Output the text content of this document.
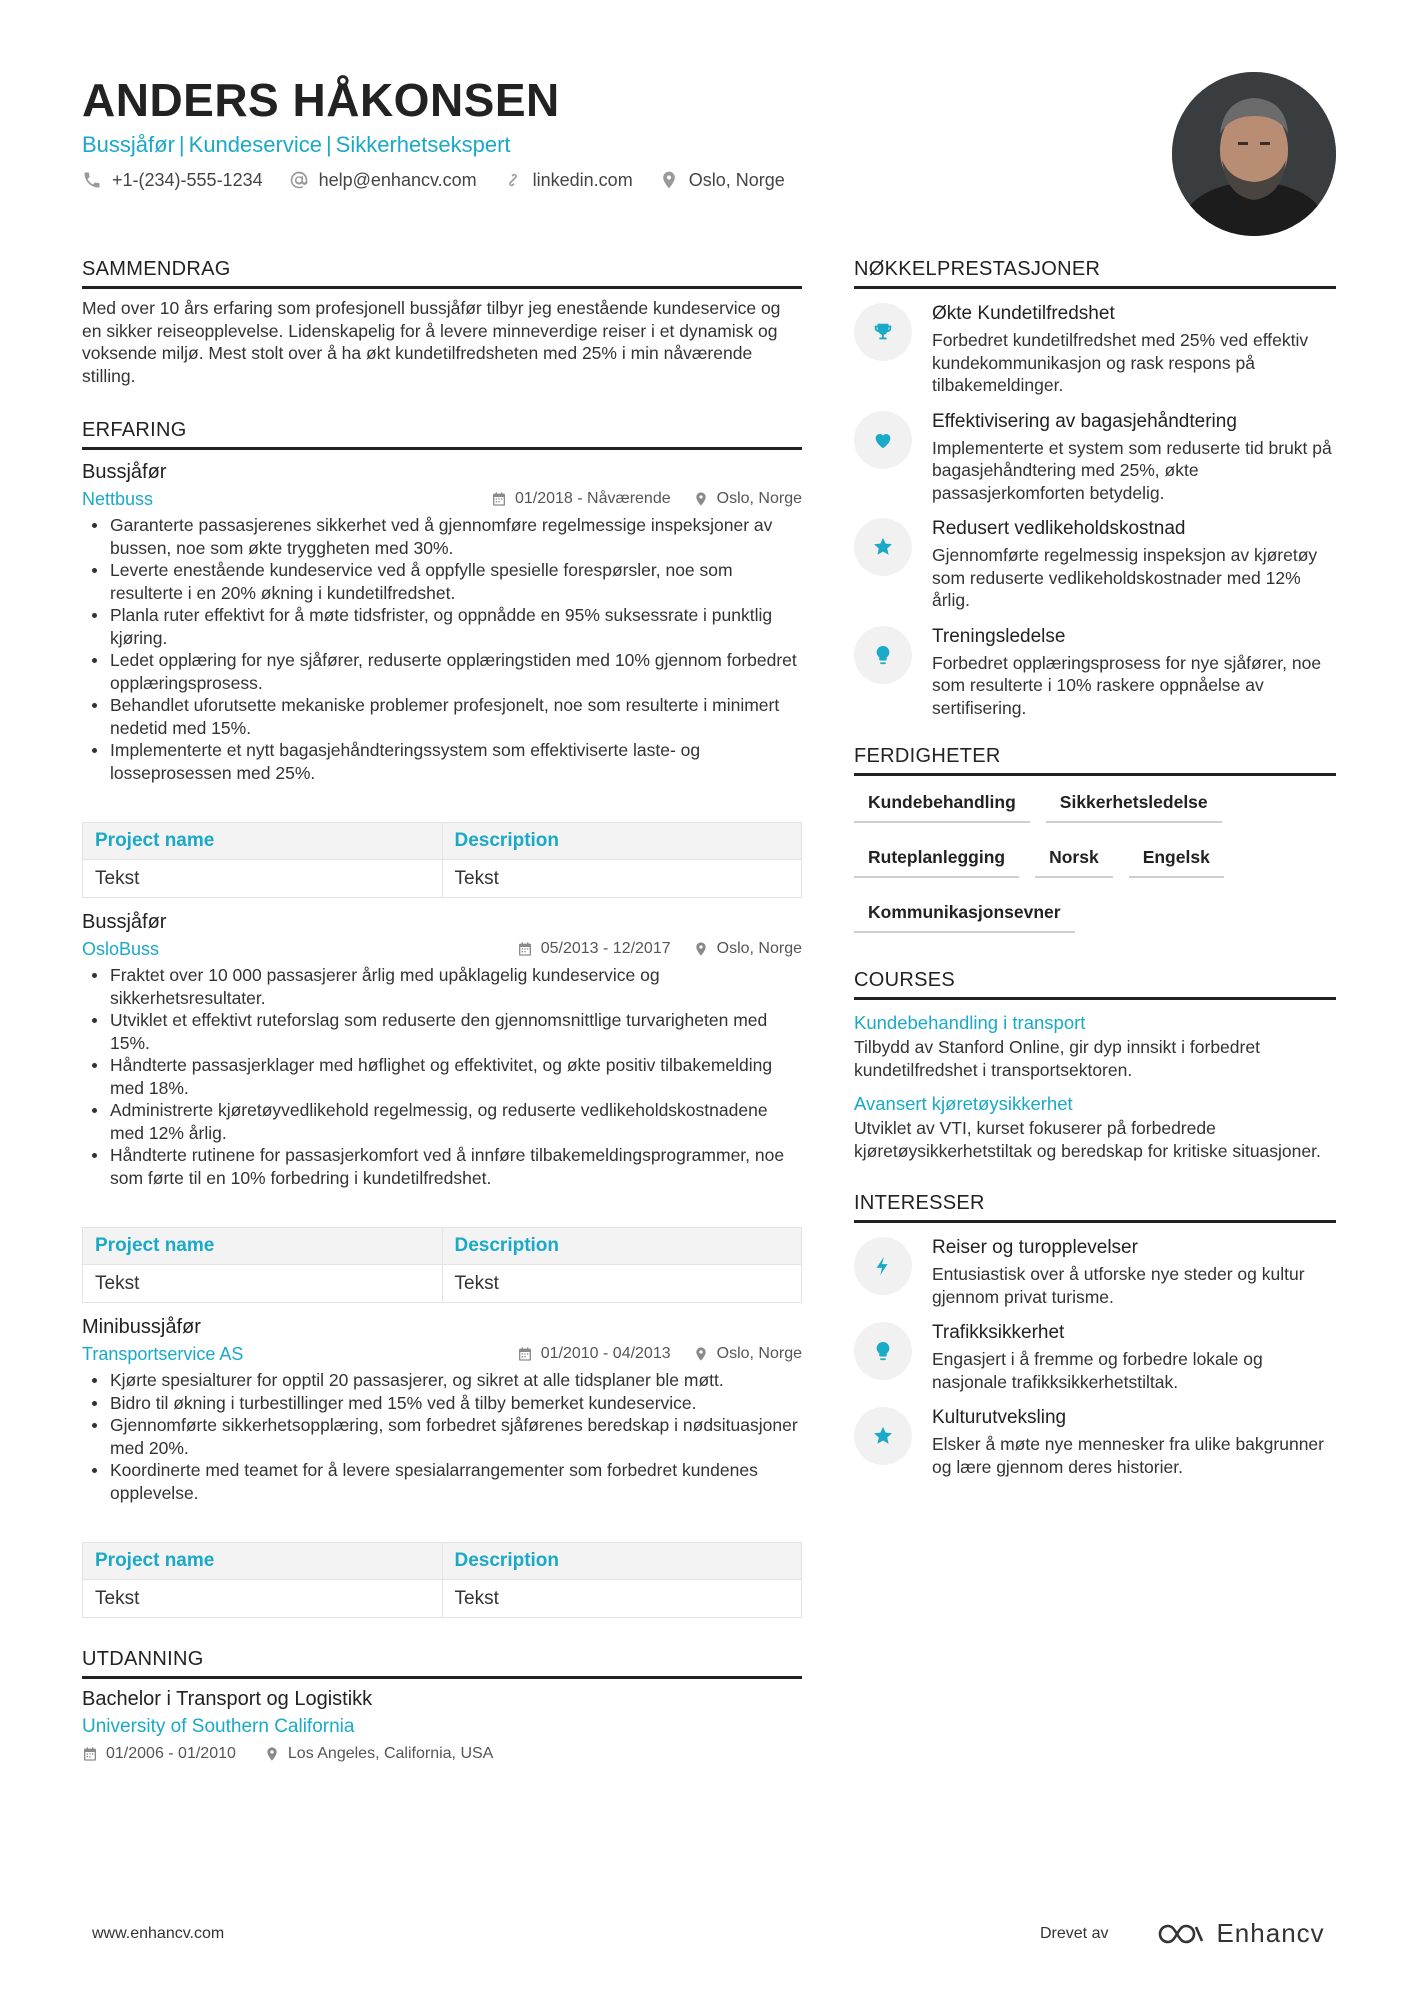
ANDERS HÅKONSEN
Bussjåfør | Kundeservice | Sikkerhetsekspert
+1-(234)-555-1234	help@enhancv.com	linkedin.com	Oslo, Norge
SAMMENDRAG
Med over 10 års erfaring som profesjonell bussjåfør tilbyr jeg enestående kundeservice og en sikker reiseopplevelse. Lidenskapelig for å levere minneverdige reiser i et dynamisk og voksende miljø. Mest stolt over å ha økt kundetilfredsheten med 25% i min nåværende stilling.
ERFARING
Bussjåfør
Nettbuss	01/2018 - Nåværende	Oslo, Norge
Garanterte passasjerenes sikkerhet ved å gjennomføre regelmessige inspeksjoner av bussen, noe som økte tryggheten med 30%.
Leverte enestående kundeservice ved å oppfylle spesielle forespørsler, noe som resulterte i en 20% økning i kundetilfredshet.
Planla ruter effektivt for å møte tidsfrister, og oppnådde en 95% suksessrate i punktlig kjøring.
Ledet opplæring for nye sjåfører, reduserte opplæringstiden med 10% gjennom forbedret opplæringsprosess.
Behandlet uforutsette mekaniske problemer profesjonelt, noe som resulterte i minimert nedetid med 15%.
Implementerte et nytt bagasjehåndteringssystem som effektiviserte laste- og losseprosessen med 25%.
Project name	Description
Tekst	Tekst
Bussjåfør
OsloBuss	05/2013 - 12/2017	Oslo, Norge
Fraktet over 10 000 passasjerer årlig med upåklagelig kundeservice og sikkerhetsresultater.
Utviklet et effektivt ruteforslag som reduserte den gjennomsnittlige turvarigheten med 15%.
Håndterte passasjerklager med høflighet og effektivitet, og økte positiv tilbakemelding med 18%.
Administrerte kjøretøyvedlikehold regelmessig, og reduserte vedlikeholdskostnadene med 12% årlig.
Håndterte rutinene for passasjerkomfort ved å innføre tilbakemeldingsprogrammer, noe som førte til en 10% forbedring i kundetilfredshet.
Project name	Description
Tekst	Tekst
Minibussjåfør
Transportservice AS	01/2010 - 04/2013	Oslo, Norge
Kjørte spesialturer for opptil 20 passasjerer, og sikret at alle tidsplaner ble møtt.
Bidro til økning i turbestillinger med 15% ved å tilby bemerket kundeservice.
Gjennomførte sikkerhetsopplæring, som forbedret sjåførenes beredskap i nødsituasjoner med 20%.
Koordinerte med teamet for å levere spesialarrangementer som forbedret kundenes opplevelse.
Project name	Description
Tekst	Tekst
UTDANNING
Bachelor i Transport og Logistikk
University of Southern California
01/2006 - 01/2010	Los Angeles, California, USA
NØKKELPRESTASJONER
Økte Kundetilfredshet
Forbedret kundetilfredshet med 25% ved effektiv kundekommunikasjon og rask respons på tilbakemeldinger.
Effektivisering av bagasjehåndtering
Implementerte et system som reduserte tid brukt på bagasjehåndtering med 25%, økte passasjerkomforten betydelig.
Redusert vedlikeholdskostnad
Gjennomførte regelmessig inspeksjon av kjøretøy som reduserte vedlikeholdskostnader med 12% årlig.
Treningsledelse
Forbedret opplæringsprosess for nye sjåfører, noe som resulterte i 10% raskere oppnåelse av sertifisering.
FERDIGHETER
Kundebehandling	Sikkerhetsledelse
Ruteplanlegging	Norsk	Engelsk
Kommunikasjonsevner
COURSES
Kundebehandling i transport
Tilbydd av Stanford Online, gir dyp innsikt i forbedret kundetilfredshet i transportsektoren.
Avansert kjøretøysikkerhet
Utviklet av VTI, kurset fokuserer på forbedrede kjøretøysikkerhetstiltak og beredskap for kritiske situasjoner.
INTERESSER
Reiser og turopplevelser
Entusiastisk over å utforske nye steder og kultur gjennom privat turisme.
Trafikksikkerhet
Engasjert i å fremme og forbedre lokale og nasjonale trafikksikkerhetstiltak.
Kulturutveksling
Elsker å møte nye mennesker fra ulike bakgrunner og lære gjennom deres historier.
www.enhancv.com	Drevet av	Enhancv
